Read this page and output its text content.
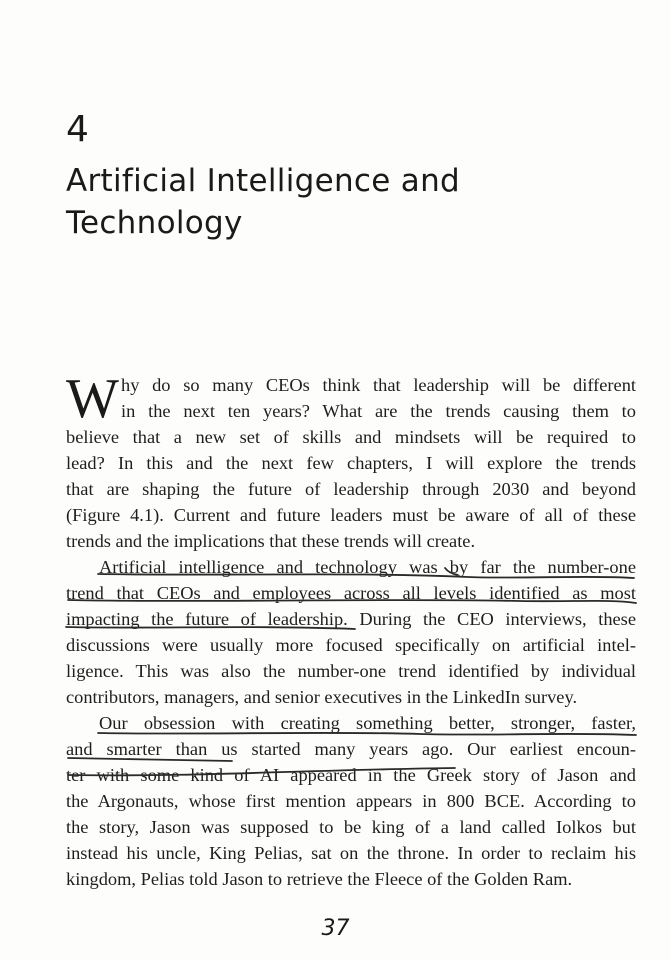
4
Artificial Intelligence and
Technology
W hy do so many CEOs think that leadership will be different
in the next ten years? What are the trends causing them to
believe that a new set of skills and mindsets will be required to
lead? In this and the next few chapters, I will explore the trends
that are shaping the future of leadership through 2030 and beyond
(Figure 4.1). Current and future leaders must be aware of all of these
trends and the implications that these trends will create.
Artificial intelligence and technology was by far the number-one
trend that CEOs and employees across all levels identified as most
impacting the future of leadership. During the CEO interviews, these
discussions were usually more focused specifically on artificial intel-
ligence. This was also the number-one trend identified by individual
contributors, managers, and senior executives in the LinkedIn survey.
Our obsession with creating something better, stronger, faster,
and smarter than us started many years ago. Our earliest encoun-
ter with some kind of AI appeared in the Greek story of Jason and
the Argonauts, whose first mention appears in 800 BCE. According to
the story, Jason was supposed to be king of a land called Iolkos but
instead his uncle, King Pelias, sat on the throne. In order to reclaim his
kingdom, Pelias told Jason to retrieve the Fleece of the Golden Ram.
37
